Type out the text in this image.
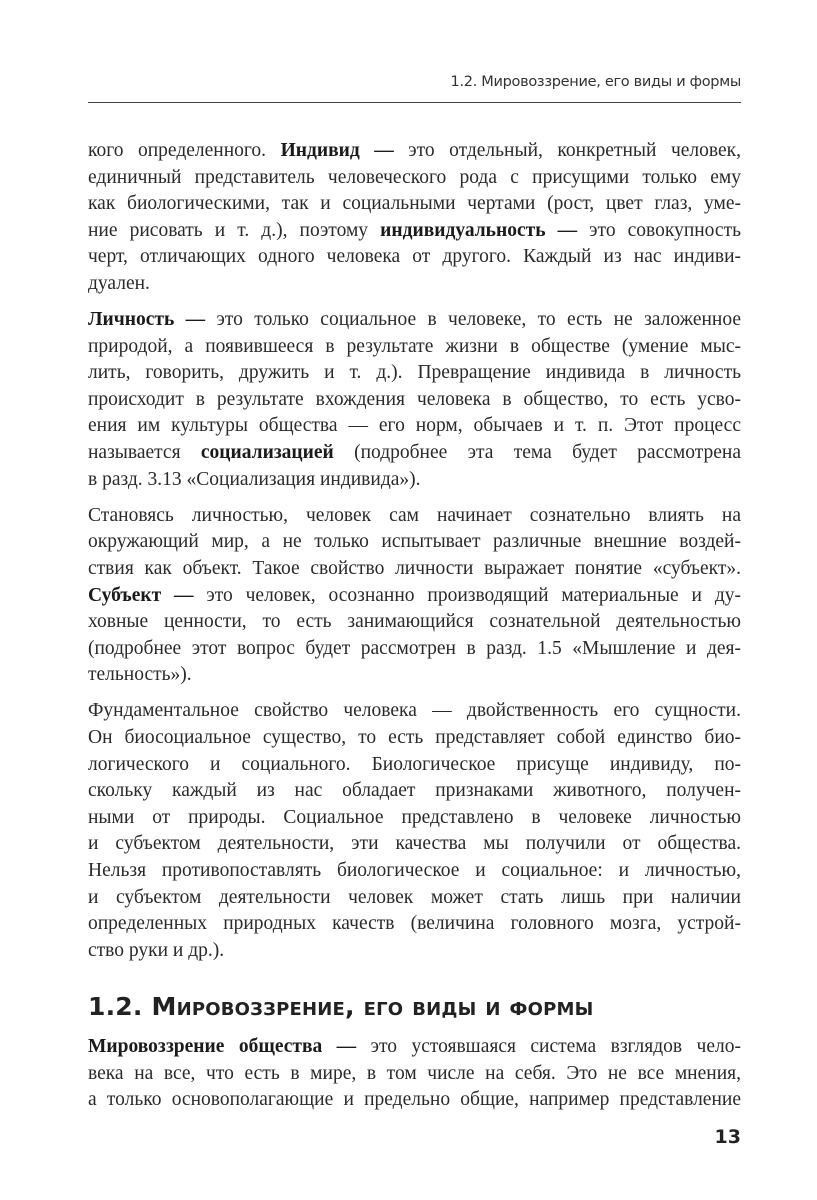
1.2. Мировоззрение, его виды и формы
кого определенного. Индивид — это отдельный, конкретный человек,
единичный представитель человеческого рода с присущими только ему
как биологическими, так и социальными чертами (рост, цвет глаз, уме-
ние рисовать и т. д.), поэтому индивидуальность — это совокупность
черт, отличающих одного человека от другого. Каждый из нас индиви-
дуален.
Личность — это только социальное в человеке, то есть не заложенное
природой, а появившееся в результате жизни в обществе (умение мыс-
лить, говорить, дружить и т. д.). Превращение индивида в личность
происходит в результате вхождения человека в общество, то есть усво-
ения им культуры общества — его норм, обычаев и т. п. Этот процесс
называется социализацией (подробнее эта тема будет рассмотрена
в разд. 3.13 «Социализация индивида»).
Становясь личностью, человек сам начинает сознательно влиять на
окружающий мир, а не только испытывает различные внешние воздей-
ствия как объект. Такое свойство личности выражает понятие «субъект».
Субъект — это человек, осознанно производящий материальные и ду-
ховные ценности, то есть занимающийся сознательной деятельностью
(подробнее этот вопрос будет рассмотрен в разд. 1.5 «Мышление и дея-
тельность»).
Фундаментальное свойство человека — двойственность его сущности.
Он биосоциальное существо, то есть представляет собой единство био-
логического и социального. Биологическое присуще индивиду, по-
скольку каждый из нас обладает признаками животного, получен-
ными от природы. Социальное представлено в человеке личностью
и субъектом деятельности, эти качества мы получили от общества.
Нельзя противопоставлять биологическое и социальное: и личностью,
и субъектом деятельности человек может стать лишь при наличии
определенных природных качеств (величина головного мозга, устрой-
ство руки и др.).
1.2. Мировоззрение, его виды и формы
Мировоззрение общества — это устоявшаяся система взглядов чело-
века на все, что есть в мире, в том числе на себя. Это не все мнения,
а только основополагающие и предельно общие, например представление
13
